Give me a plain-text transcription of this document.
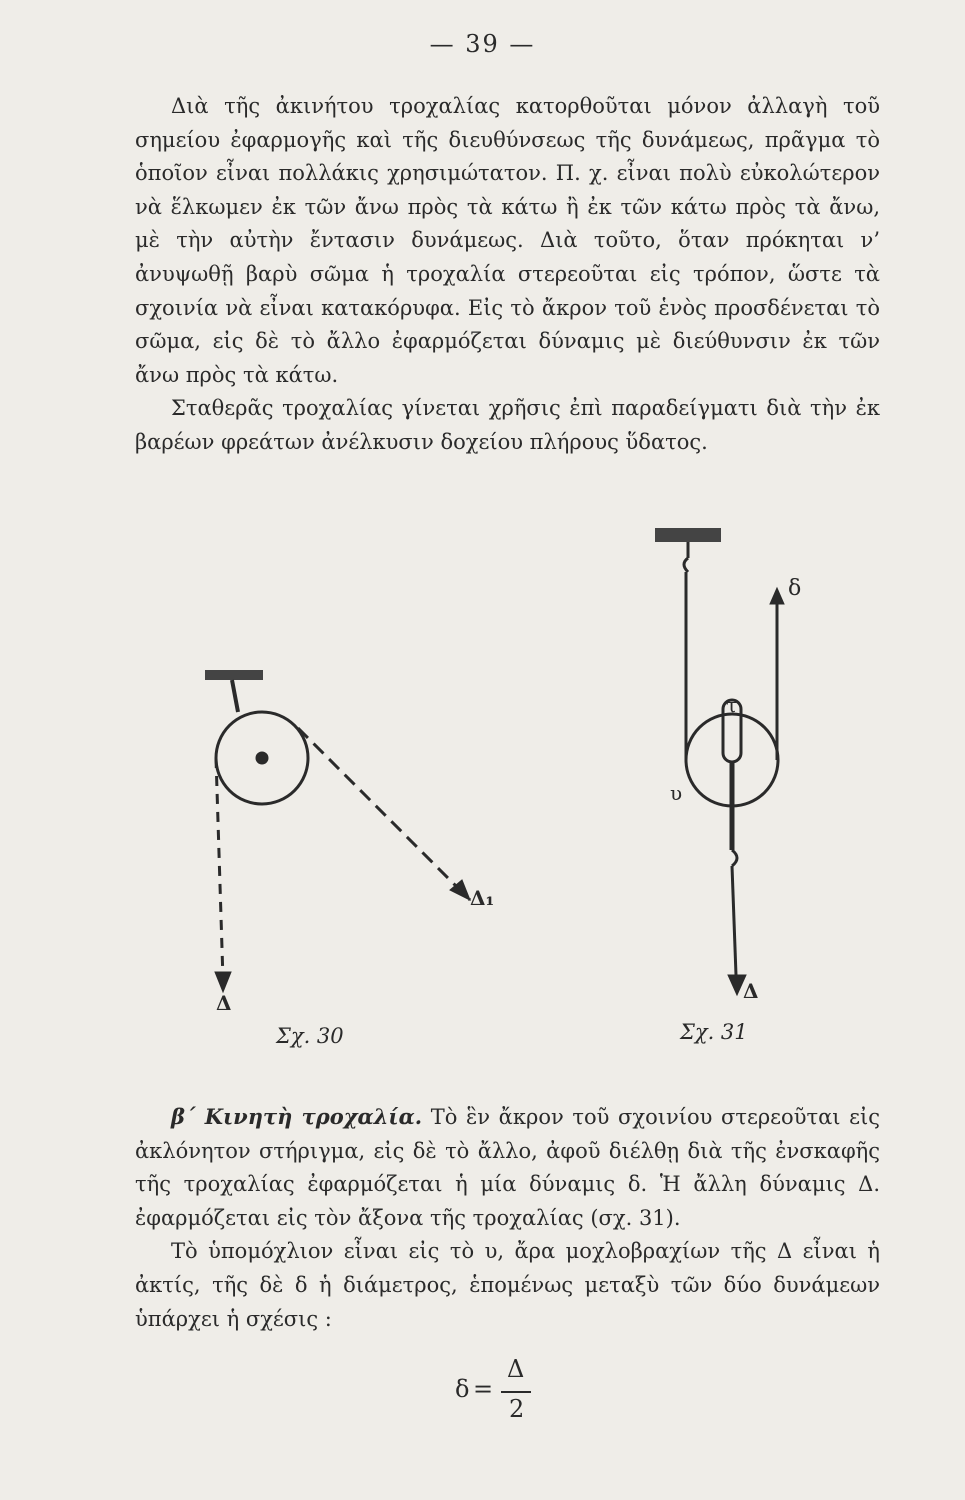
— 39 —

Διὰ τῆς ἀκινήτου τροχαλίας κατορθοῦται μόνον ἀλλαγὴ τοῦ σημείου ἐφαρμογῆς καὶ τῆς διευθύνσεως τῆς δυνάμεως, πρᾶγμα τὸ ὁποῖον εἶναι πολλάκις χρησιμώτατον. Π. χ. εἶναι πολὺ εὐκολώτερον νὰ ἕλκωμεν ἐκ τῶν ἄνω πρὸς τὰ κάτω ἢ ἐκ τῶν κάτω πρὸς τὰ ἄνω, μὲ τὴν αὐτὴν ἔντασιν δυνάμεως. Διὰ τοῦτο, ὅταν πρόκηται ν’ ἀνυψωθῇ βαρὺ σῶμα ἡ τροχαλία στερεοῦται εἰς τρόπον, ὥστε τὰ σχοινία νὰ εἶναι κατακόρυφα. Εἰς τὸ ἄκρον τοῦ ἑνὸς προσδένεται τὸ σῶμα, εἰς δὲ τὸ ἄλλο ἐφαρμόζεται δύναμις μὲ διεύθυνσιν ἐκ τῶν ἄνω πρὸς τὰ κάτω.

Σταθερᾶς τροχαλίας γίνεται χρῆσις ἐπὶ παραδείγματι διὰ τὴν ἐκ βαρέων φρεάτων ἀνέλκυσιν δοχείου πλήρους ὕδατος.

Δ
Δ₁
δ
τ
υ
Δ
Σχ. 30	Σχ. 31

β΄ Κινητὴ τροχαλία. Τὸ ἓν ἄκρον τοῦ σχοινίου στερεοῦται εἰς ἀκλόνητον στήριγμα, εἰς δὲ τὸ ἄλλο, ἀφοῦ διέλθῃ διὰ τῆς ἐνσκαφῆς τῆς τροχαλίας ἐφαρμόζεται ἡ μία δύναμις δ. Ἡ ἄλλη δύναμις Δ. ἐφαρμόζεται εἰς τὸν ἄξονα τῆς τροχαλίας (σχ. 31).

Τὸ ὑπομόχλιον εἶναι εἰς τὸ υ, ἄρα μοχλοβραχίων τῆς Δ εἶναι ἡ ἀκτίς, τῆς δὲ δ ἡ διάμετρος, ἑπομένως μεταξὺ τῶν δύο δυνάμεων ὑπάρχει ἡ σχέσις :

δ =
Δ
2
